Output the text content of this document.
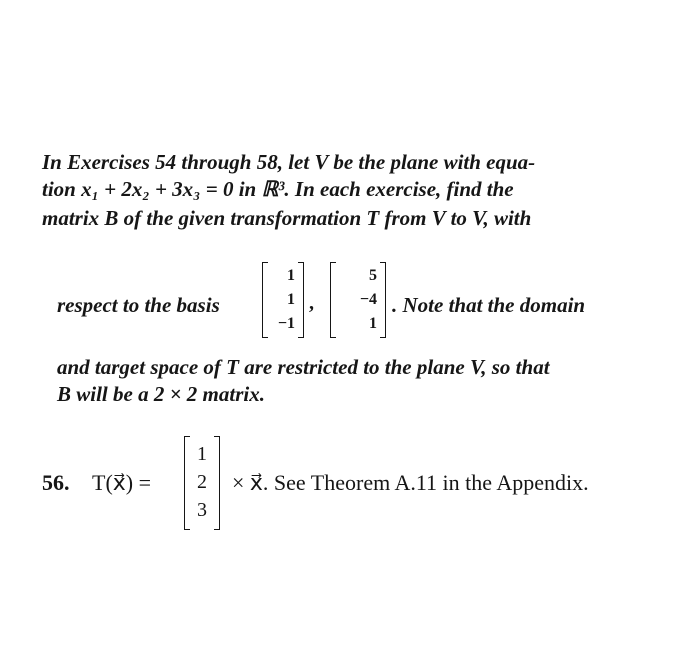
In Exercises 54 through 58, let V be the plane with equa-
tion x₁ + 2x₂ + 3x₃ = 0 in ℝ³. In each exercise, find the
matrix B of the given transformation T from V to V, with
respect to the basis
1
1
−1
,
5
−4
1
. Note that the domain
and target space of T are restricted to the plane V, so that
B will be a 2 × 2 matrix.
56. T(x⃗) =
1
2
3
× x⃗. See Theorem A.11 in the Appendix.
